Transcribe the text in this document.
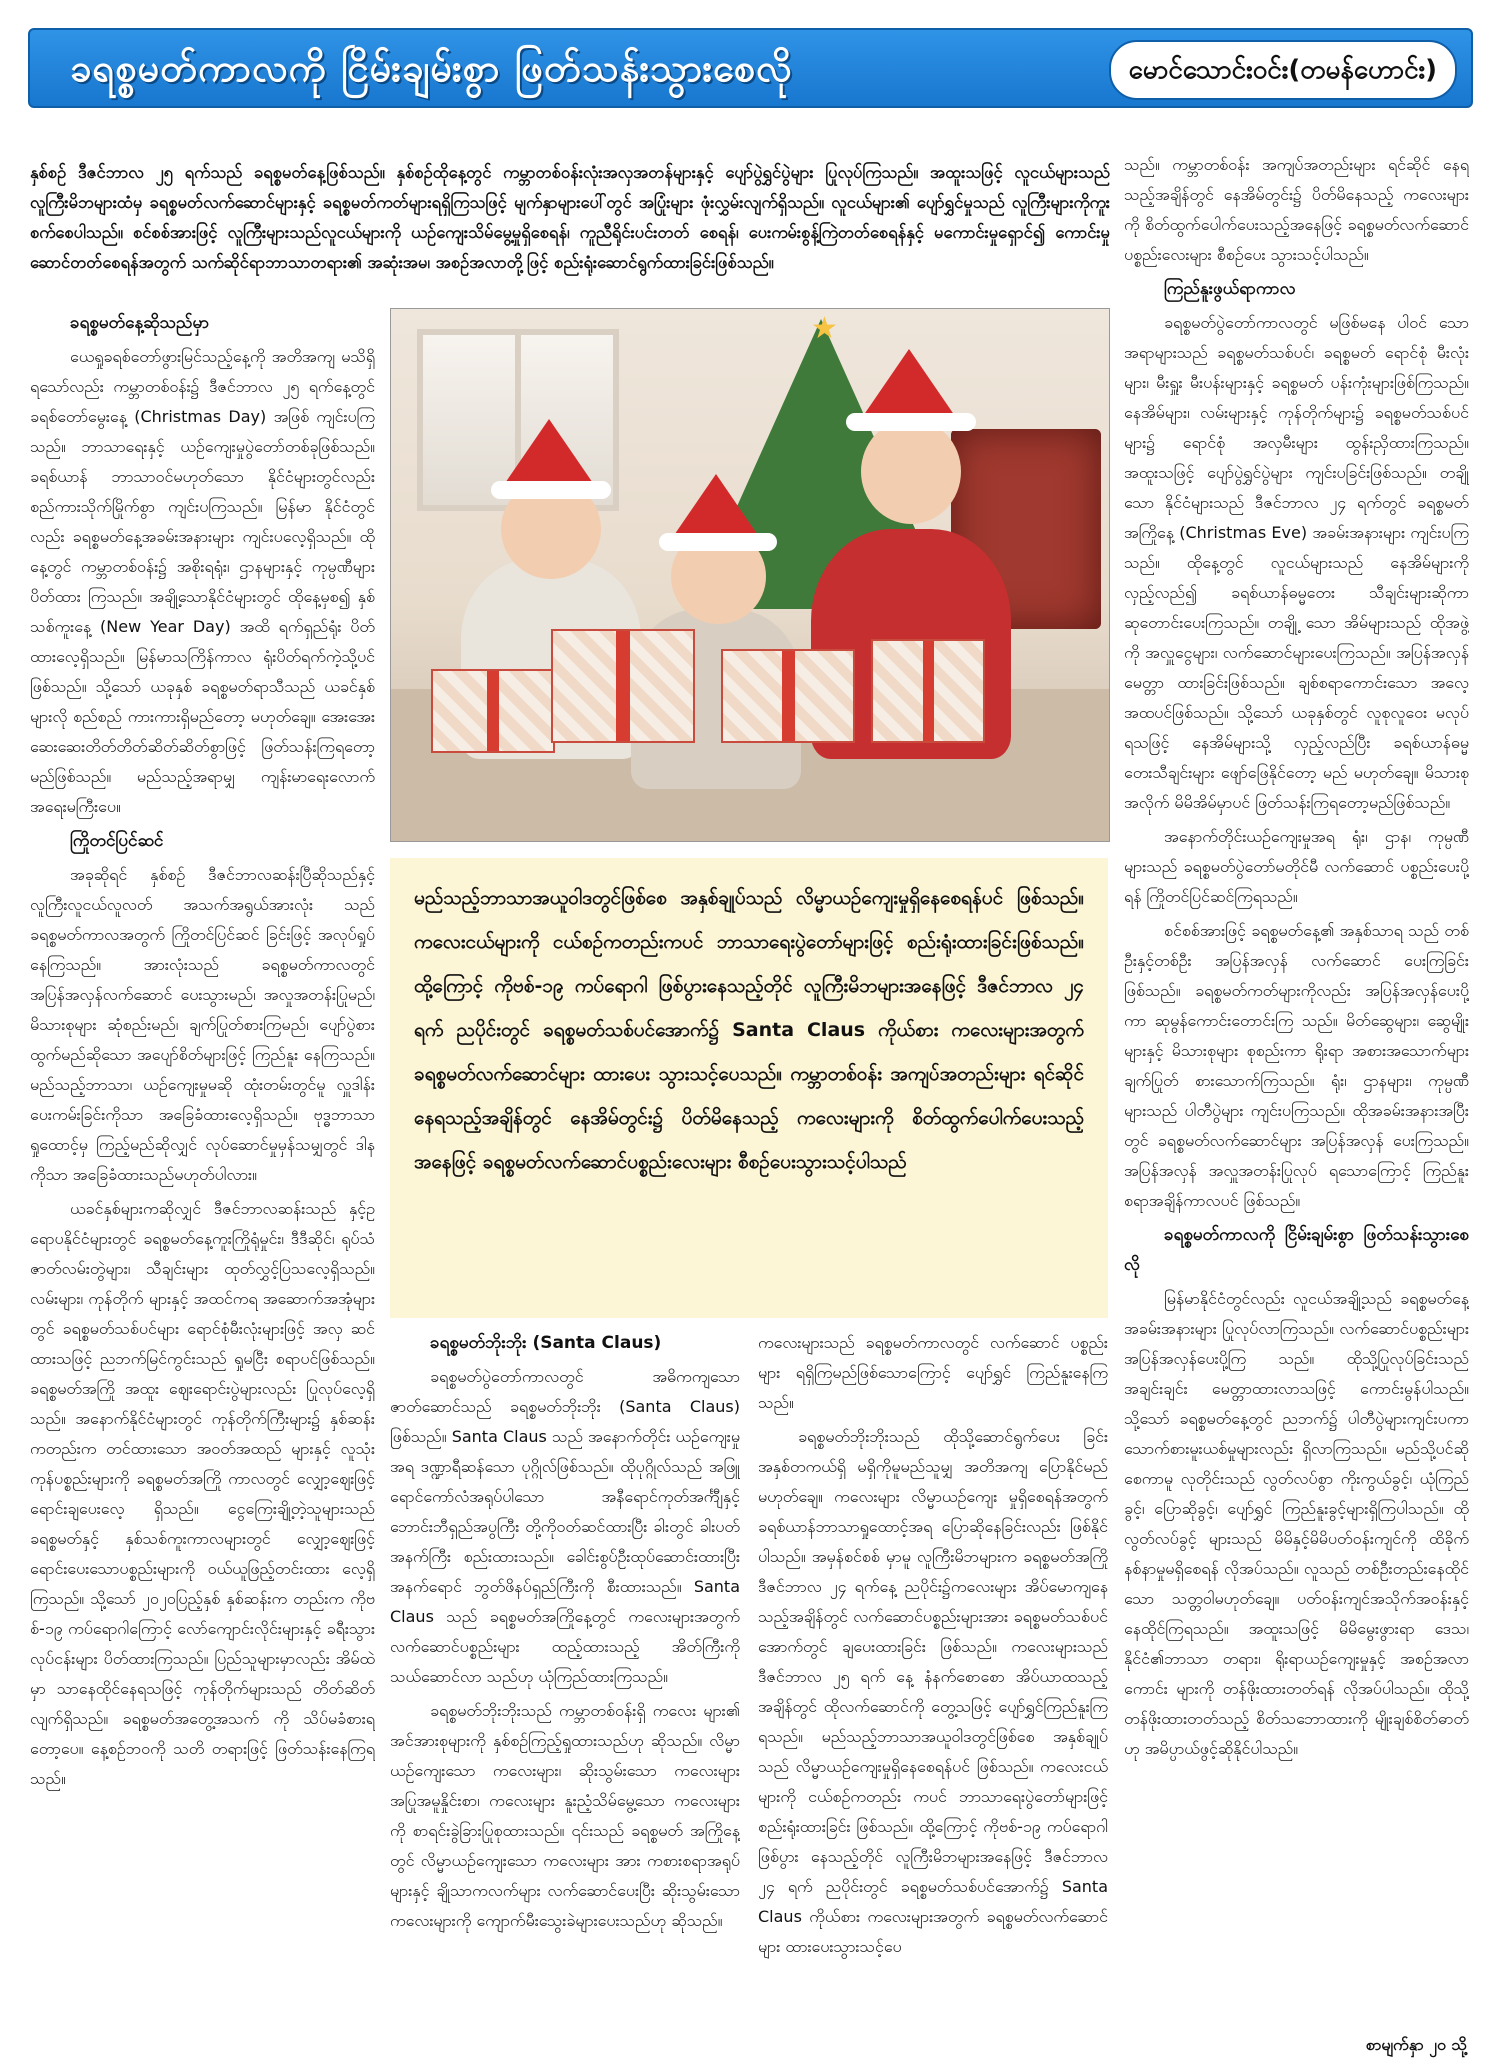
ခရစ္စမတ်ကာလကို ငြိမ်းချမ်းစွာ ဖြတ်သန်းသွားစေလို	မောင်သောင်းဝင်း(တမန်ဟောင်း)
နှစ်စဉ် ဒီဇင်ဘာလ ၂၅ ရက်သည် ခရစ္စမတ်နေ့ဖြစ်သည်။ နှစ်စဉ်ထိုနေ့တွင် ကမ္ဘာတစ်ဝန်းလုံးအလှအတန်များနှင့် ပျော်ပွဲရွှင်ပွဲများ ပြုလုပ်ကြသည်။ အထူးသဖြင့် လူငယ်များသည် လူကြီးမိဘများထံမှ ခရစ္စမတ်လက်ဆောင်များနှင့် ခရစ္စမတ်ကတ်များရရှိကြသဖြင့် မျက်နှာများပေါ်တွင် အပြုံးများ ဖုံးလွှမ်းလျက်ရှိသည်။ လူငယ်များ၏ ပျော်ရွှင်မှုသည် လူကြီးများကိုကူးစက်စေပါသည်။ စင်စစ်အားဖြင့် လူကြီးများသည်လူငယ်များကို ယဉ်ကျေးသိမ်မွေ့မှုရှိစေရန်၊ ကူညီရိုင်းပင်းတတ် စေရန်၊ ပေးကမ်းစွန့်ကြဲတတ်စေရန်နှင့် မကောင်းမှုရှောင်၍ ကောင်းမှုဆောင်တတ်စေရန်အတွက် သက်ဆိုင်ရာဘာသာတရား၏ အဆုံးအမ၊ အစဉ်အလာတို့ဖြင့် စည်းရုံးဆောင်ရွက်ထားခြင်းဖြစ်သည်။

ခရစ္စမတ်နေ့ဆိုသည်မှာ

ယေရှုခရစ်တော်ဖွားမြင်သည့်နေ့ကို အတိအကျ မသိရှိရသော်လည်း ကမ္ဘာတစ်ဝန်း၌ ဒီဇင်ဘာလ ၂၅ ရက်နေ့တွင် ခရစ်တော်မွေးနေ့ (Christmas Day) အဖြစ် ကျင်းပကြသည်။ ဘာသာရေးနှင့် ယဉ်ကျေးမှုပွဲတော်တစ်ခုဖြစ်သည်။ ခရစ်ယာန် ဘာသာဝင်မဟုတ်သော နိုင်ငံများတွင်လည်း စည်ကားသိုက်မြိုက်စွာ ကျင်းပကြသည်။ မြန်မာ နိုင်ငံတွင်လည်း ခရစ္စမတ်နေ့အခမ်းအနားများ ကျင်းပလေ့ရှိသည်။ ထိုနေ့တွင် ကမ္ဘာတစ်ဝန်း၌ အစိုးရရုံး၊ ဌာနများနှင့် ကုမ္ပဏီများပိတ်ထား ကြသည်။ အချို့သောနိုင်ငံများတွင် ထိုနေ့မှစ၍ နှစ်သစ်ကူးနေ့ (New Year Day) အထိ ရက်ရှည်ရုံး ပိတ်ထားလေ့ရှိသည်။ မြန်မာသကြိန်ကာလ ရုံးပိတ်ရက်ကဲ့သို့ပင်ဖြစ်သည်။ သို့သော် ယခုနှစ် ခရစ္စမတ်ရာသီသည် ယခင်နှစ်များလို စည်စည် ကားကားရှိမည်တော့ မဟုတ်ချေ။ အေးအေး ဆေးဆေးတိတ်တိတ်ဆိတ်ဆိတ်စွာဖြင့် ဖြတ်သန်းကြရတော့မည်ဖြစ်သည်။ မည်သည့်အရာမျှ ကျန်းမာရေးလောက် အရေးမကြီးပေ။

ကြိုတင်ပြင်ဆင်

အခုဆိုရင် နှစ်စဉ် ဒီဇင်ဘာလဆန်းပြီဆိုသည်နှင့် လူကြီးလူငယ်လူလတ် အသက်အရွယ်အားလုံး သည် ခရစ္စမတ်ကာလအတွက် ကြိုတင်ပြင်ဆင် ခြင်းဖြင့် အလုပ်ရှုပ်နေကြသည်။ အားလုံးသည် ခရစ္စမတ်ကာလတွင် အပြန်အလှန်လက်ဆောင် ပေးသွားမည်၊ အလှုအတန်းပြုမည်၊ မိသားစုများ ဆုံစည်းမည်၊ ချက်ပြုတ်စားကြမည်၊ ပျော်ပွဲစား ထွက်မည်ဆိုသော အပျော်စိတ်များဖြင့် ကြည်နူး နေကြသည်။ မည်သည့်ဘာသာ၊ ယဉ်ကျေးမှုမဆို ထုံးတမ်းတွင်မူ လှူဒါန်းပေးကမ်းခြင်းကိုသာ အခြေခံထားလေ့ရှိသည်။ ဗုဒ္ဓဘာသာရှုထောင့်မှ ကြည့်မည်ဆိုလျှင် လုပ်ဆောင်မှုမှန်သမျှတွင် ဒါန ကိုသာ အခြေခံထားသည်မဟုတ်ပါလား။

ယခင်နှစ်များကဆိုလျှင် ဒီဇင်ဘာလဆန်းသည် နှင့်ဥရောပနိုင်ငံများတွင် ခရစ္စမတ်နေ့ကူးကြိုရုံမှုင်း၊ ဒီဒီဆိုင်၊ ရုပ်သံဇာတ်လမ်းတွဲများ၊ သီချင်းများ ထုတ်လွှင့်ပြသလေ့ရှိသည်။ လမ်းများ၊ ကုန်တိုက် များနှင့် အထင်ကရ အဆောက်အအုံများတွင် ခရစ္စမတ်သစ်ပင်များ ရောင်စုံမီးလုံးများဖြင့် အလှ ဆင်ထားသဖြင့် ညဘက်မြင်ကွင်းသည် ရှုမငြီး စရာပင်ဖြစ်သည်။ ခရစ္စမတ်အကြို အထူး ဈေးရောင်းပွဲများလည်း ပြုလုပ်လေ့ရှိသည်။ အနောက်နိုင်ငံများတွင် ကုန်တိုက်ကြီးများ၌ နှစ်ဆန်းကတည်းက တင်ထားသော အဝတ်အထည် များနှင့် လူသုံးကုန်ပစ္စည်းများကို ခရစ္စမတ်အကြို ကာလတွင် လျှော့ဈေးဖြင့် ရောင်းချပေးလေ့ ရှိသည်။ ငွေကြေးချို့တဲ့သူများသည် ခရစ္စမတ်နှင့် နှစ်သစ်ကူးကာလများတွင် လျှော့ဈေးဖြင့် ရောင်းပေးသောပစ္စည်းများကို ဝယ်ယူဖြည့်တင်းထား လေ့ရှိကြသည်။ သို့သော် ၂၀၂၀ပြည့်နှစ် နှစ်ဆန်းက တည်းက ကိုဗစ်-၁၉ ကပ်ရောဂါကြောင့် လော်ကျောင်းလိုင်းများနှင့် ခရီးသွားလုပ်ငန်းများ ပိတ်ထားကြသည်။ ပြည်သူများမှာလည်း အိမ်ထဲမှာ သာနေထိုင်နေရသဖြင့် ကုန်တိုက်များသည် တိတ်ဆိတ်လျက်ရှိသည်။ ခရစ္စမတ်အတွေ့အသက် ကို သိပ်မခံစားရတော့ပေ။ နေ့စဉ်ဘဝကို သတိ တရားဖြင့် ဖြတ်သန်းနေကြရသည်။

★
မည်သည့်ဘာသာအယူဝါဒတွင်ဖြစ်စေ အနှစ်ချုပ်သည် လိမ္မာယဉ်ကျေးမှုရှိနေစေရန်ပင် ဖြစ်သည်။ ကလေးငယ်များကို ငယ်စဉ်ကတည်းကပင် ဘာသာရေးပွဲတော်များဖြင့် စည်းရုံးထားခြင်းဖြစ်သည်။ ထို့ကြောင့် ကိုဗစ်-၁၉ ကပ်ရောဂါ ဖြစ်ပွားနေသည့်တိုင် လူကြီးမိဘများအနေဖြင့် ဒီဇင်ဘာလ ၂၄ ရက် ညပိုင်းတွင် ခရစ္စမတ်သစ်ပင်အောက်၌ Santa Claus ကိုယ်စား ကလေးများအတွက် ခရစ္စမတ်လက်ဆောင်များ ထားပေး သွားသင့်ပေသည်။ ကမ္ဘာတစ်ဝန်း အကျပ်အတည်းများ ရင်ဆိုင်နေရသည့်အချိန်တွင် နေအိမ်တွင်း၌ ပိတ်မိနေသည့် ကလေးများကို စိတ်ထွက်ပေါက်ပေးသည့်အနေဖြင့် ခရစ္စမတ်လက်ဆောင်ပစ္စည်းလေးများ စီစဉ်ပေးသွားသင့်ပါသည်

ခရစ္စမတ်ဘိုးဘိုး (Santa Claus)

ခရစ္စမတ်ပွဲတော်ကာလတွင် အဓိကကျသော ဇာတ်ဆောင်သည် ခရစ္စမတ်ဘိုးဘိုး (Santa Claus) ဖြစ်သည်။ Santa Claus သည် အနောက်တိုင်း ယဉ်ကျေးမှုအရ ဒဏ္ဍာရီဆန်သော ပုဂ္ဂိုလ်ဖြစ်သည်။ ထိုပုဂ္ဂိုလ်သည် အဖြူရောင်ကော်လံအရုပ်ပါသော အနီရောင်ကုတ်အင်္ကျီနှင့် ဘောင်းဘီရှည်အပွကြီး တို့ကိုဝတ်ဆင်ထားပြီး ခါးတွင် ခါးပတ်အနက်ကြီး စည်းထားသည်။ ခေါင်းစွပ်ဦးထုပ်ဆောင်းထားပြီး အနက်ရောင် ဘွတ်ဖိနပ်ရှည်ကြီးကို စီးထားသည်။ Santa Claus သည် ခရစ္စမတ်အကြိုနေ့တွင် ကလေးများအတွက် လက်ဆောင်ပစ္စည်းများ ထည့်ထားသည့် အိတ်ကြီးကို သယ်ဆောင်လာ သည်ဟု ယုံကြည်ထားကြသည်။

ခရစ္စမတ်ဘိုးဘိုးသည် ကမ္ဘာတစ်ဝန်းရှိ ကလေး များ၏ အင်အားစုများကို နှစ်စဉ်ကြည့်ရှုထားသည်ဟု ဆိုသည်။ လိမ္မာယဉ်ကျေးသော ကလေးများ၊ ဆိုးသွမ်းသော ကလေးများအပြုအမူနှိုင်းစာ၊ ကလေးများ နူးညံ့သိမ်မွေ့သော ကလေးများကို စာရင်းခွဲခြားပြုစုထားသည်။ ၎င်းသည် ခရစ္စမတ် အကြိုနေ့တွင် လိမ္မာယဉ်ကျေးသော ကလေးများ အား ကစားစရာအရုပ်များနှင့် ချိုသာကလက်များ လက်ဆောင်ပေးပြီး ဆိုးသွမ်းသော ကလေးများကို ကျောက်မီးသွေးခဲများပေးသည်ဟု ဆိုသည်။

ကလေးများသည် ခရစ္စမတ်ကာလတွင် လက်ဆောင် ပစ္စည်းများ ရရှိကြမည်ဖြစ်သောကြောင့် ပျော်ရွှင် ကြည်နူးနေကြသည်။

ခရစ္စမတ်ဘိုးဘိုးသည် ထိုသို့ဆောင်ရွက်ပေး ခြင်း အနှစ်တကယ်ရှိ မရှိကိုမူမည်သူမျှ အတိအကျ ပြောနိုင်မည်မဟုတ်ချေ။ ကလေးများ လိမ္မာယဉ်ကျေး မှုရှိစေရန်အတွက် ခရစ်ယာန်ဘာသာရှုထောင့်အရ ပြောဆိုနေခြင်းလည်း ဖြစ်နိုင်ပါသည်။ အမှန်စင်စစ် မှာမူ လူကြီးမိဘများက ခရစ္စမတ်အကြို ဒီဇင်ဘာလ ၂၄ ရက်နေ့ ညပိုင်း၌ကလေးများ အိပ်မောကျနေ သည့်အချိန်တွင် လက်ဆောင်ပစ္စည်းများအား ခရစ္စမတ်သစ်ပင်အောက်တွင် ချပေးထားခြင်း ဖြစ်သည်။ ကလေးများသည် ဒီဇင်ဘာလ ၂၅ ရက် နေ့ နံနက်စောစော အိပ်ယာထသည့်အချိန်တွင် ထိုလက်ဆောင်ကို တွေ့သဖြင့် ပျော်ရွှင်ကြည်နူးကြ ရသည်။ မည်သည့်ဘာသာအယူဝါဒတွင်ဖြစ်စေ အနှစ်ချုပ်သည် လိမ္မာယဉ်ကျေးမှုရှိနေစေရန်ပင် ဖြစ်သည်။ ကလေးငယ်များကို ငယ်စဉ်ကတည်း ကပင် ဘာသာရေးပွဲတော်များဖြင့် စည်းရုံးထားခြင်း ဖြစ်သည်။ ထို့ကြောင့် ကိုဗစ်-၁၉ ကပ်ရောဂါဖြစ်ပွား နေသည့်တိုင် လူကြီးမိဘများအနေဖြင့် ဒီဇင်ဘာလ ၂၄ ရက် ညပိုင်းတွင် ခရစ္စမတ်သစ်ပင်အောက်၌ Santa Claus ကိုယ်စား ကလေးများအတွက် ခရစ္စမတ်လက်ဆောင်များ ထားပေးသွားသင့်ပေ

သည်။ ကမ္ဘာတစ်ဝန်း အကျပ်အတည်းများ ရင်ဆိုင် နေရသည့်အချိန်တွင် နေအိမ်တွင်း၌ ပိတ်မိနေသည့် ကလေးများကို စိတ်ထွက်ပေါက်ပေးသည့်အနေဖြင့် ခရစ္စမတ်လက်ဆောင်ပစ္စည်းလေးများ စီစဉ်ပေး သွားသင့်ပါသည်။

ကြည်နူးဖွယ်ရာကာလ

ခရစ္စမတ်ပွဲတော်ကာလတွင် မဖြစ်မနေ ပါဝင် သောအရာများသည် ခရစ္စမတ်သစ်ပင်၊ ခရစ္စမတ် ရောင်စုံ မီးလုံးများ၊ မီးရှူး မီးပန်းများနှင့် ခရစ္စမတ် ပန်းကုံးများဖြစ်ကြသည်။ နေအိမ်များ၊ လမ်းများနှင့် ကုန်တိုက်များ၌ ခရစ္စမတ်သစ်ပင်များ၌ ရောင်စုံ အလှမီးများ ထွန်းညှိထားကြသည်။ အထူးသဖြင့် ပျော်ပွဲရွှင်ပွဲများ ကျင်းပခြင်းဖြစ်သည်။ တချို့သော နိုင်ငံများသည် ဒီဇင်ဘာလ ၂၄ ရက်တွင် ခရစ္စမတ် အကြိုနေ့ (Christmas Eve) အခမ်းအနားများ ကျင်းပကြသည်။ ထိုနေ့တွင် လူငယ်များသည် နေအိမ်များကို လှည့်လည်၍ ခရစ်ယာန်ဓမ္မတေး သီချင်းများဆိုကာ ဆုတောင်းပေးကြသည်။ တချို့ သော အိမ်များသည် ထိုအဖွဲ့ကို အလှူငွေများ၊ လက်ဆောင်များပေးကြသည်။ အပြန်အလှန်မေတ္တာ ထားခြင်းဖြစ်သည်။ ချစ်စရာကောင်းသော အလေ့ အထပင်ဖြစ်သည်။ သို့သော် ယခုနှစ်တွင် လူစုလူဝေး မလုပ်ရသဖြင့် နေအိမ်များသို့ လှည့်လည်ပြီး ခရစ်ယာန်ဓမ္မတေးသီချင်းများ ဖျော်ဖြေနိုင်တော့ မည် မဟုတ်ချေ။ မိသားစုအလိုက် မိမိအိမ်မှာပင် ဖြတ်သန်းကြရတော့မည်ဖြစ်သည်။

အနောက်တိုင်းယဉ်ကျေးမှုအရ ရုံး၊ ဌာန၊ ကုမ္ပဏီ များသည် ခရစ္စမတ်ပွဲတော်မတိုင်မီ လက်ဆောင် ပစ္စည်းပေးပို့ရန် ကြိုတင်ပြင်ဆင်ကြရသည်။

စင်စစ်အားဖြင့် ခရစ္စမတ်နေ့၏ အနှစ်သာရ သည် တစ်ဦးနှင့်တစ်ဦး အပြန်အလှန် လက်ဆောင် ပေးကြခြင်းဖြစ်သည်။ ခရစ္စမတ်ကတ်များကိုလည်း အပြန်အလှန်ပေးပို့ကာ ဆုမွန်ကောင်းတောင်းကြ သည်။ မိတ်ဆွေများ၊ ဆွေမျိုးများနှင့် မိသားစုများ စုစည်းကာ ရိုးရာ အစားအသောက်များ ချက်ပြုတ် စားသောက်ကြသည်။ ရုံး၊ ဌာနများ၊ ကုမ္ပဏီများသည် ပါတီပွဲများ ကျင်းပကြသည်။ ထိုအခမ်းအနားအပြီး တွင် ခရစ္စမတ်လက်ဆောင်များ အပြန်အလှန် ပေးကြသည်။ အပြန်အလှန် အလှူအတန်းပြုလုပ် ရသောကြောင့် ကြည်နူးစရာအချိန်ကာလပင် ဖြစ်သည်။

ခရစ္စမတ်ကာလကို ငြိမ်းချမ်းစွာ ဖြတ်သန်းသွားစေလို

မြန်မာနိုင်ငံတွင်လည်း လူငယ်အချို့သည် ခရစ္စမတ်နေ့အခမ်းအနားများ ပြုလုပ်လာကြသည်။ လက်ဆောင်ပစ္စည်းများ အပြန်အလှန်ပေးပို့ကြ သည်။ ထိုသို့ပြုလုပ်ခြင်းသည် အချင်းချင်း မေတ္တာထားလာသဖြင့် ကောင်းမွန်ပါသည်။ သို့သော် ခရစ္စမတ်နေ့တွင် ညဘက်၌ ပါတီပွဲများကျင်းပကာ သောက်စားမူးယစ်မှုများလည်း ရှိလာကြသည်။ မည်သို့ပင်ဆိုစေကာမူ လုတိုင်းသည် လွတ်လပ်စွာ ကိုးကွယ်ခွင့်၊ ယုံကြည်ခွင့်၊ ပြောဆိုခွင့်၊ ပျော်ရွှင် ကြည်နူးခွင့်များရှိကြပါသည်။ ထိုလွတ်လပ်ခွင့် များသည် မိမိနှင့်မိမိပတ်ဝန်းကျင်ကို ထိခိုက် နစ်နာမှုမရှိစေရန် လိုအပ်သည်။ လူသည် တစ်ဦးတည်းနေထိုင်သော သတ္တဝါမဟုတ်ချေ။ ပတ်ဝန်းကျင်အသိုက်အဝန်းနှင့် နေထိုင်ကြရသည်။ အထူးသဖြင့် မိမိမွေးဖွားရာ ဒေသ၊ နိုင်ငံ၏ဘာသာ တရား၊ ရိုးရာယဉ်ကျေးမှုနှင့် အစဉ်အလာကောင်း များကို တန်ဖိုးထားတတ်ရန် လိုအပ်ပါသည်။ ထိုသို့တန်ဖိုးထားတတ်သည့် စိတ်သဘောထားကို မျိုးချစ်စိတ်ဓာတ်ဟု အမိပ္ပာယ်ဖွင့်ဆိုနိုင်ပါသည်။

စာမျက်နှာ ၂၀ သို့
